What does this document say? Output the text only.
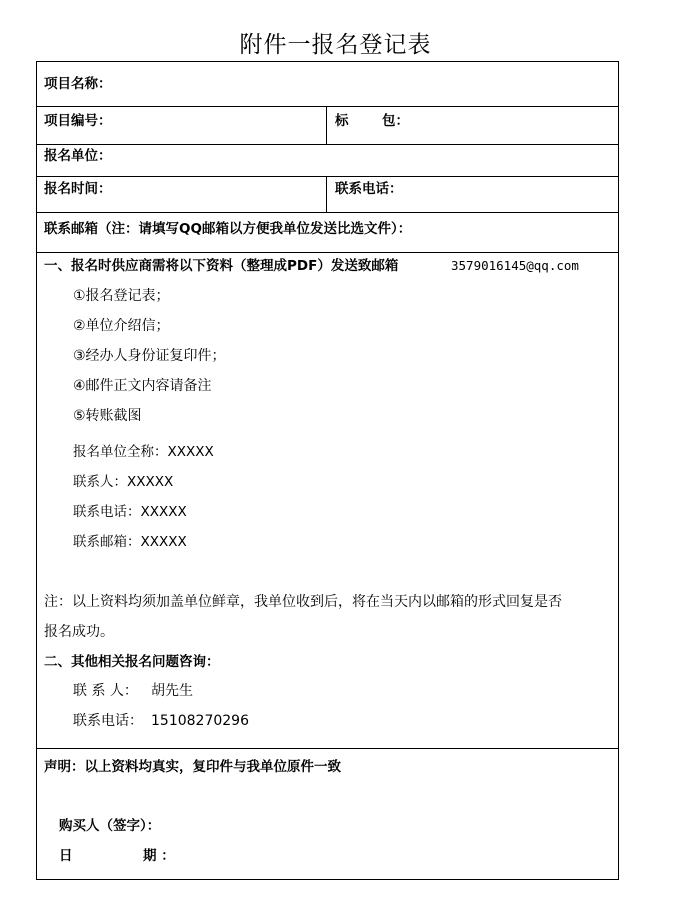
附件一报名登记表
项目名称：
项目编号：	标 包：
报名单位：
报名时间：	联系电话：
联系邮箱（注：请填写QQ邮箱以方便我单位发送比选文件）：
一、报名时供应商需将以下资料（整理成PDF）发送致邮箱	3579016145@qq.com
①报名登记表；
②单位介绍信；
③经办人身份证复印件；
④邮件正文内容请备注
⑤转账截图
报名单位全称：XXXXX
联系人：XXXXX
联系电话：XXXXX
联系邮箱：XXXXX
注：以上资料均须加盖单位鲜章，我单位收到后，将在当天内以邮箱的形式回复是否
报名成功。
二、其他相关报名问题咨询：
联 系 人： 胡先生
联系电话： 15108270296
声明：以上资料均真实，复印件与我单位原件一致
购买人（签字）：
日	期 ：
